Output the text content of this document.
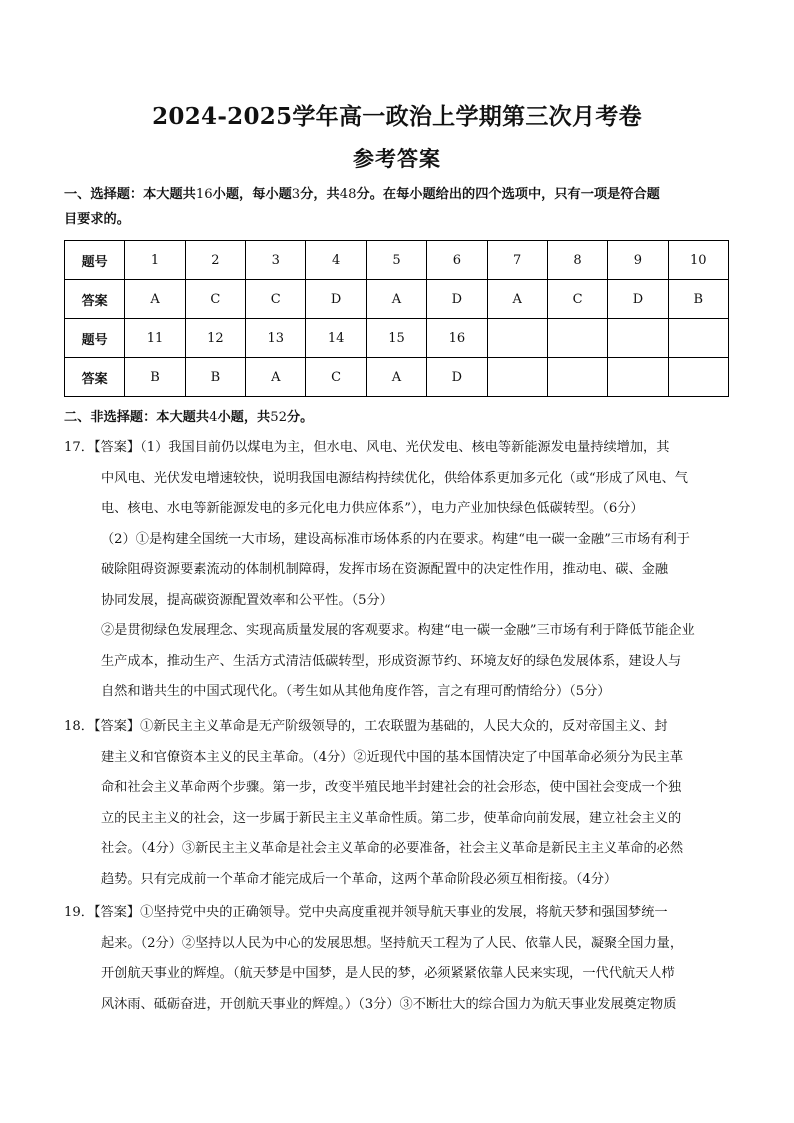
2024-2025学年高一政治上学期第三次月考卷
参考答案

一、选择题：本大题共16小题，每小题3分，共48分。在每小题给出的四个选项中，只有一项是符合题
目要求的。

题号	1	2	3	4	5	6	7	8	9	10
答案	A	C	C	D	A	D	A	C	D	B
题号	11	12	13	14	15	16				
答案	B	B	A	C	A	D				

二、非选择题：本大题共4小题，共52分。

17．【答案】（1）我国目前仍以煤电为主，但水电、风电、光伏发电、核电等新能源发电量持续增加，其
中风电、光伏发电增速较快，说明我国电源结构持续优化，供给体系更加多元化（或“形成了风电、气
电、核电、水电等新能源发电的多元化电力供应体系”），电力产业加快绿色低碳转型。（6分）
（2）①是构建全国统一大市场，建设高标准市场体系的内在要求。构建“电一碳一金融”三市场有利于
破除阻碍资源要素流动的体制机制障碍，发挥市场在资源配置中的决定性作用，推动电、碳、金融
协同发展，提高碳资源配置效率和公平性。（5分）
②是贯彻绿色发展理念、实现高质量发展的客观要求。构建“电一碳一金融”三市场有利于降低节能企业
生产成本，推动生产、生活方式清洁低碳转型，形成资源节约、环境友好的绿色发展体系，建设人与
自然和谐共生的中国式现代化。（考生如从其他角度作答，言之有理可酌情给分）（5分）
18．【答案】①新民主主义革命是无产阶级领导的，工农联盟为基础的，人民大众的，反对帝国主义、封
建主义和官僚资本主义的民主革命。（4分）②近现代中国的基本国情决定了中国革命必须分为民主革
命和社会主义革命两个步骤。第一步，改变半殖民地半封建社会的社会形态，使中国社会变成一个独
立的民主主义的社会，这一步属于新民主主义革命性质。第二步，使革命向前发展，建立社会主义的
社会。（4分）③新民主主义革命是社会主义革命的必要准备，社会主义革命是新民主主义革命的必然
趋势。只有完成前一个革命才能完成后一个革命，这两个革命阶段必须互相衔接。（4分）
19．【答案】①坚持党中央的正确领导。党中央高度重视并领导航天事业的发展，将航天梦和强国梦统一
起来。（2分）②坚持以人民为中心的发展思想。坚持航天工程为了人民、依靠人民，凝聚全国力量，
开创航天事业的辉煌。（航天梦是中国梦，是人民的梦，必须紧紧依靠人民来实现，一代代航天人栉
风沐雨、砥砺奋进，开创航天事业的辉煌。）（3分）③不断壮大的综合国力为航天事业发展奠定物质
